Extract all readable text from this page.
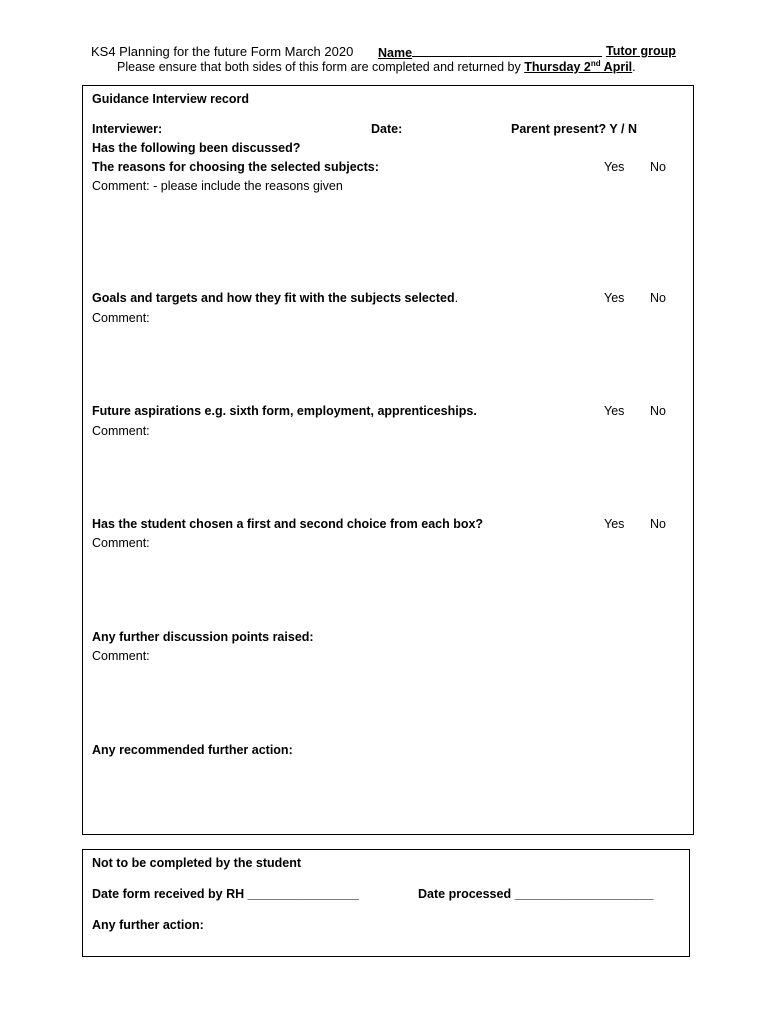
KS4 Planning for the future Form March 2020 Name	Tutor group
Please ensure that both sides of this form are completed and returned by Thursday 2nd April.
Guidance Interview record
Interviewer:	Date:	Parent present? Y / N
Has the following been discussed?
The reasons for choosing the selected subjects:	Yes No
Comment: - please include the reasons given
Goals and targets and how they fit with the subjects selected.	Yes No
Comment:
Future aspirations e.g. sixth form, employment, apprenticeships.	Yes No
Comment:
Has the student chosen a first and second choice from each box?	Yes No
Comment:
Any further discussion points raised:
Comment:
Any recommended further action:
Not to be completed by the student
Date form received by RH ________________	Date processed ____________________
Any further action:
